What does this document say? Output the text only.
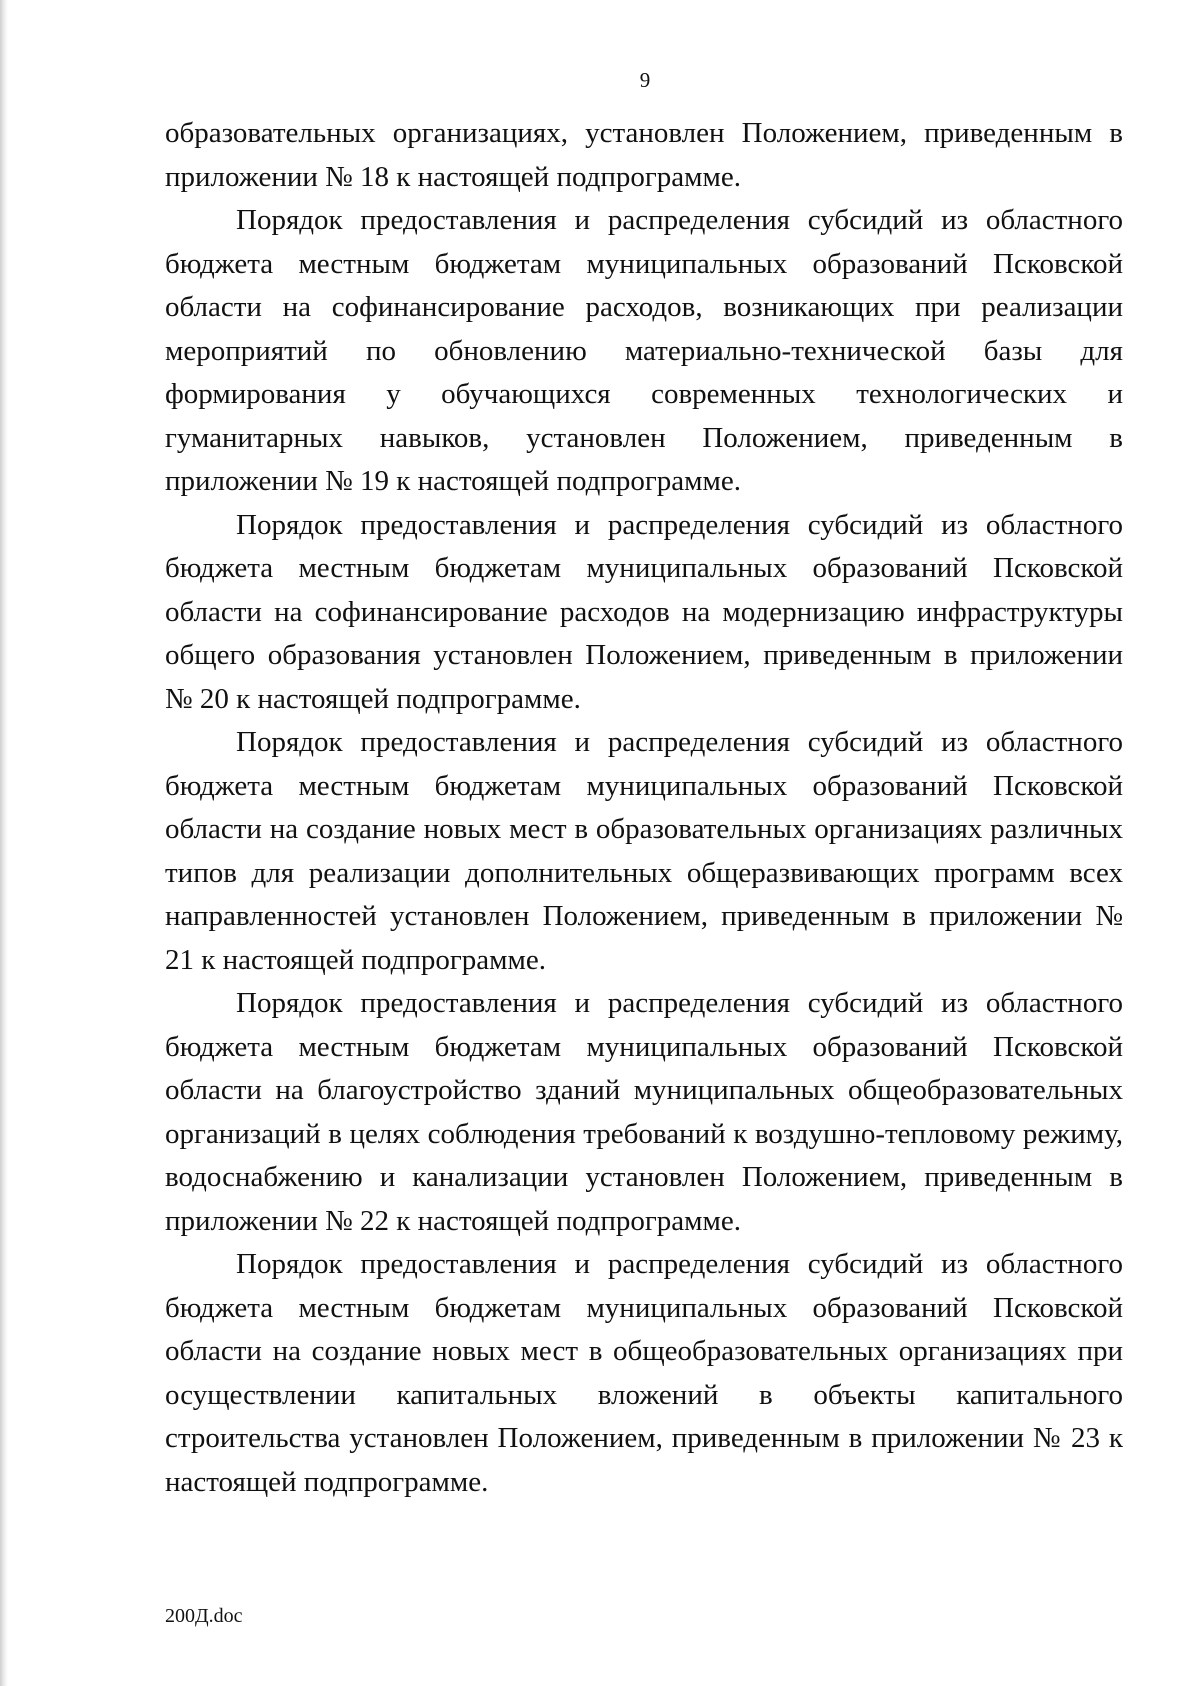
9

образовательных организациях, установлен Положением, приведенным в приложении № 18 к настоящей подпрограмме.

Порядок предоставления и распределения субсидий из областного бюджета местным бюджетам муниципальных образований Псковской области на софинансирование расходов, возникающих при реализации мероприятий по обновлению материально-технической базы для формирования у обучающихся современных технологических и гуманитарных навыков, установлен Положением, приведенным в приложении № 19 к настоящей подпрограмме.

Порядок предоставления и распределения субсидий из областного бюджета местным бюджетам муниципальных образований Псковской области на софинансирование расходов на модернизацию инфраструктуры общего образования установлен Положением, приведенным в приложении № 20 к настоящей подпрограмме.

Порядок предоставления и распределения субсидий из областного бюджета местным бюджетам муниципальных образований Псковской области на создание новых мест в образовательных организациях различных типов для реализации дополнительных общеразвивающих программ всех направленностей установлен Положением, приведенным в приложении № 21 к настоящей подпрограмме.

Порядок предоставления и распределения субсидий из областного бюджета местным бюджетам муниципальных образований Псковской области на благоустройство зданий муниципальных общеобразовательных организаций в целях соблюдения требований к воздушно-тепловому режиму, водоснабжению и канализации установлен Положением, приведенным в приложении № 22 к настоящей подпрограмме.

Порядок предоставления и распределения субсидий из областного бюджета местным бюджетам муниципальных образований Псковской области на создание новых мест в общеобразовательных организациях при осуществлении капитальных вложений в объекты капитального строительства установлен Положением, приведенным в приложении № 23 к настоящей подпрограмме.

200Д.doc
